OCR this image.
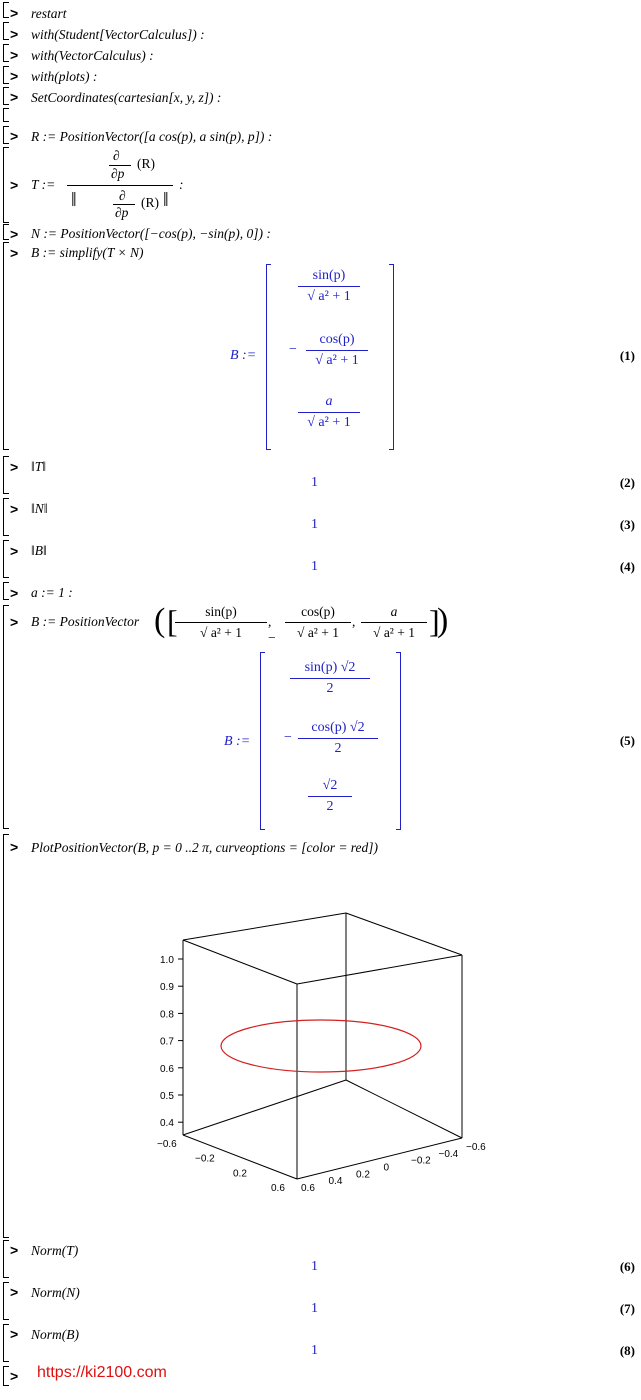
>
>
>
>
>
>
>
>
>
>
>
>
>
>
>
>
>
>
>
restart
with(Student[VectorCalculus]) :
with(VectorCalculus) :
with(plots) :
SetCoordinates(cartesian[x, y, z]) :
R := PositionVector([a cos(p), a sin(p), p]) :
T :=
∂
∂p
(R)
‖	∂
∂p
(R) ‖
:
N := PositionVector([−cos(p), −sin(p), 0]) :
B := simplify(T × N)
B :=
sin(p)
√ a² + 1
−
cos(p)
√ a² + 1
a
√ a² + 1
(1)
‖T‖
1	(2)
‖N‖
1	(3)
‖B‖
1	(4)
a := 1 :
B := PositionVector ( [	sin(p)
√ a² + 1
,−
cos(p)
√ a² + 1
,
a
√ a² + 1 ]
)
B :=
sin(p) √2
2
−
cos(p) √2
2
√2
2
(5)
PlotPositionVector(B, p = 0 ..2 π, curveoptions = [color = red])
1.0
0.9
0.8
0.7
0.6
0.5
0.4
−0.6
−0.2
0.2
0.6 0.6
0.4
0.2
0
−0.2
−0.4
−0.6
Norm(T)
1	(6)
Norm(N)
1	(7)
Norm(B)
1	(8)
https://ki2100.com
